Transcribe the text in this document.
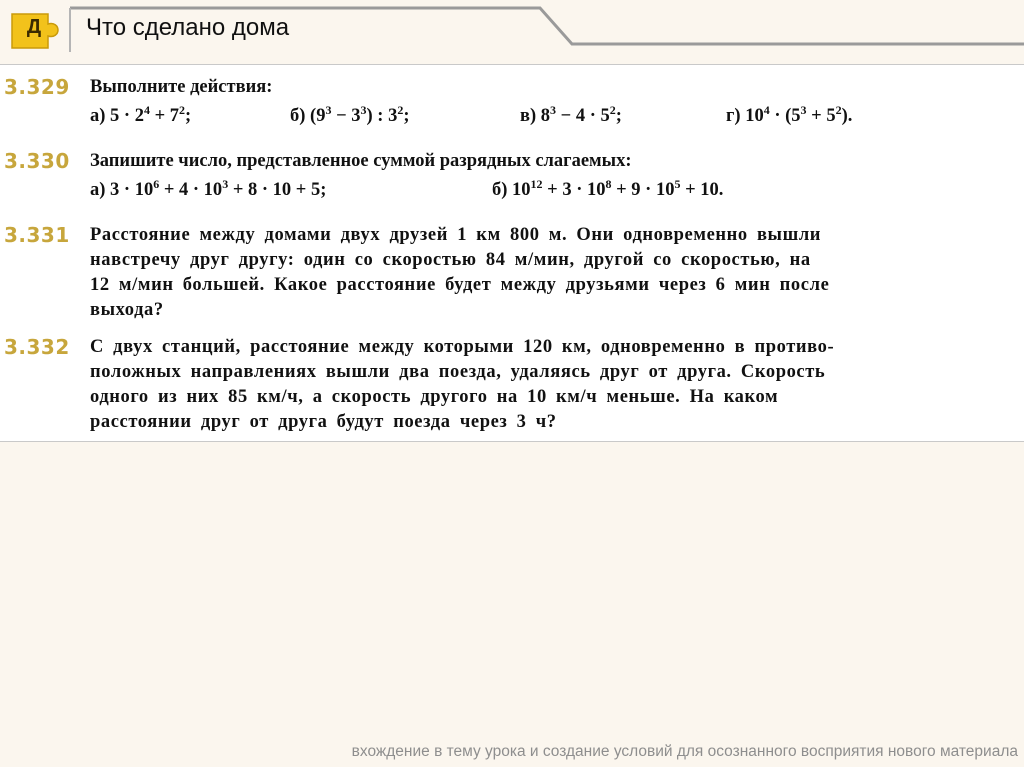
Д Что сделано дома
3.329 Выполните действия:
а) $5 \cdot 2^4 + 7^2$;	б) $(9^3 - 3^3)$ : $3^2$;	в) $8^3 - 4 \cdot 5^2$;	г) $10^4 \cdot (5^3 + 5^2)$.
3.330 Запишите число, представленное суммой разрядных слагаемых:
а) $3 \cdot 10^6 + 4 \cdot 10^3 + 8 \cdot 10 + 5$;	б) $10^{12} + 3 \cdot 10^8 + 9 \cdot 10^5 + 10$.
3.331 Расстояние между домами двух друзей 1 км 800 м. Они одновременно вышли
навстречу друг другу: один со скоростью 84 м/мин, другой со скоростью, на
12 м/мин большей. Какое расстояние будет между друзьями через 6 мин после
выхода?
3.332 С двух станций, расстояние между которыми 120 км, одновременно в противо-
положных направлениях вышли два поезда, удаляясь друг от друга. Скорость
одного из них 85 км/ч, а скорость другого на 10 км/ч меньше. На каком
расстоянии друг от друга будут поезда через 3 ч?
вхождение в тему урока и создание условий для осознанного восприятия нового материала
